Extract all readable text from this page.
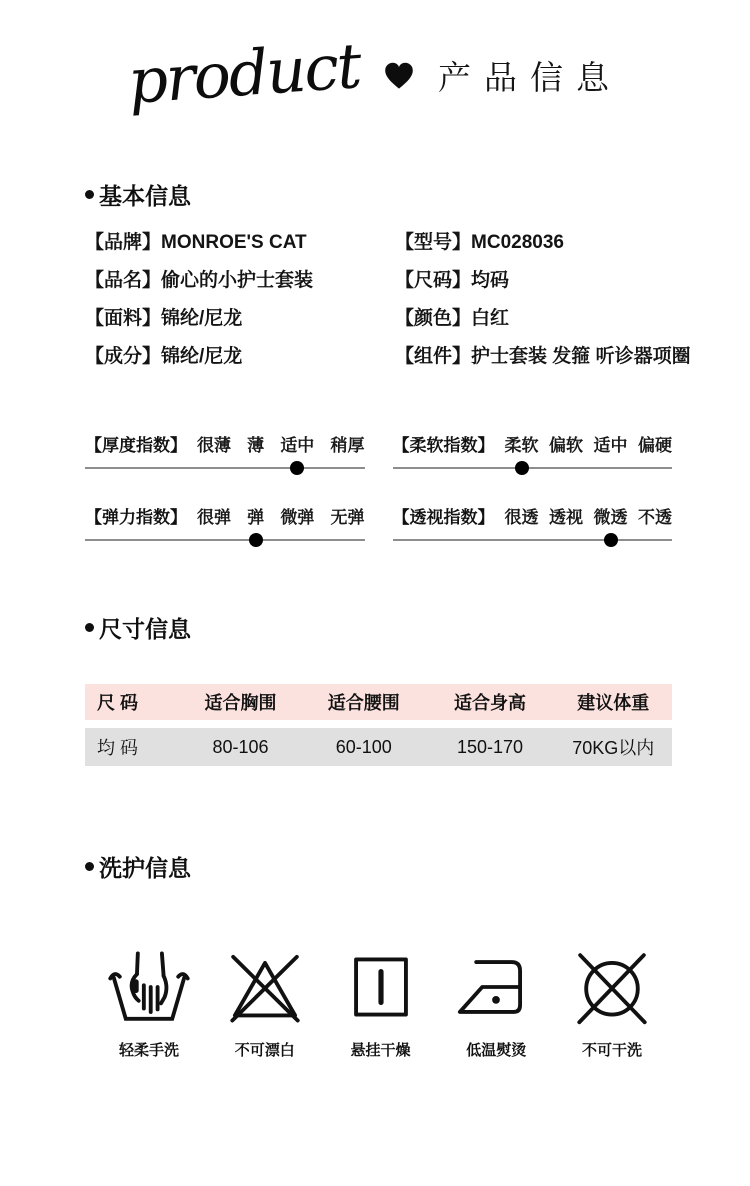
product 产品信息
基本信息
【品牌】MONROE'S CAT	【型号】MC028036
【品名】偷心的小护士套装	【尺码】均码
【面料】锦纶/尼龙	【颜色】白红
【成分】锦纶/尼龙	【组件】护士套装 发箍 听诊器项圈
【厚度指数】 很薄 薄 适中 稍厚 【柔软指数】 柔软 偏软 适中 偏硬
【弹力指数】 很弹 弹 微弹 无弹 【透视指数】 很透 透视 微透 不透
尺寸信息
尺 码	适合胸围	适合腰围	适合身高	建议体重
均 码	80-106	60-100	150-170	70KG以内
洗护信息
轻柔手洗	不可漂白	悬挂干燥	低温熨烫	不可干洗
